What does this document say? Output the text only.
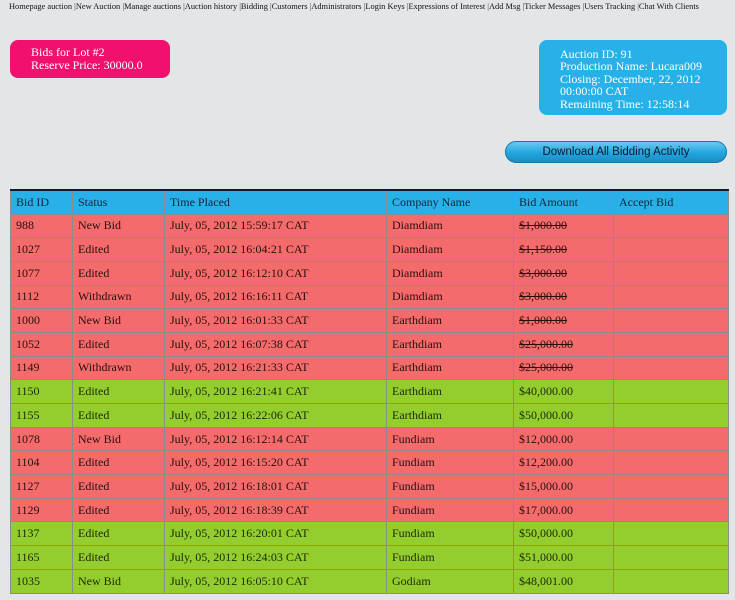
Homepage auction |New Auction |Manage auctions |Auction history |Bidding |Customers |Administrators |Login Keys |Expressions of Interest |Add Msg |Ticker Messages |Users Tracking |Chat With Clients
Bids for Lot #2
Reserve Price: 30000.0
Auction ID: 91
Production Name: Lucara009
Closing: December, 22, 2012
00:00:00 CAT
Remaining Time: 12:58:14
Download All Bidding Activity
Bid ID	Status	Time Placed	Company Name	Bid Amount	Accept Bid
988	New Bid	July, 05, 2012 15:59:17 CAT	Diamdiam	$1,000.00	
1027	Edited	July, 05, 2012 16:04:21 CAT	Diamdiam	$1,150.00	
1077	Edited	July, 05, 2012 16:12:10 CAT	Diamdiam	$3,000.00	
1112	Withdrawn	July, 05, 2012 16:16:11 CAT	Diamdiam	$3,000.00	
1000	New Bid	July, 05, 2012 16:01:33 CAT	Earthdiam	$1,000.00	
1052	Edited	July, 05, 2012 16:07:38 CAT	Earthdiam	$25,000.00	
1149	Withdrawn	July, 05, 2012 16:21:33 CAT	Earthdiam	$25,000.00	
1150	Edited	July, 05, 2012 16:21:41 CAT	Earthdiam	$40,000.00	
1155	Edited	July, 05, 2012 16:22:06 CAT	Earthdiam	$50,000.00	
1078	New Bid	July, 05, 2012 16:12:14 CAT	Fundiam	$12,000.00	
1104	Edited	July, 05, 2012 16:15:20 CAT	Fundiam	$12,200.00	
1127	Edited	July, 05, 2012 16:18:01 CAT	Fundiam	$15,000.00	
1129	Edited	July, 05, 2012 16:18:39 CAT	Fundiam	$17,000.00	
1137	Edited	July, 05, 2012 16:20:01 CAT	Fundiam	$50,000.00	
1165	Edited	July, 05, 2012 16:24:03 CAT	Fundiam	$51,000.00	
1035	New Bid	July, 05, 2012 16:05:10 CAT	Godiam	$48,001.00	
